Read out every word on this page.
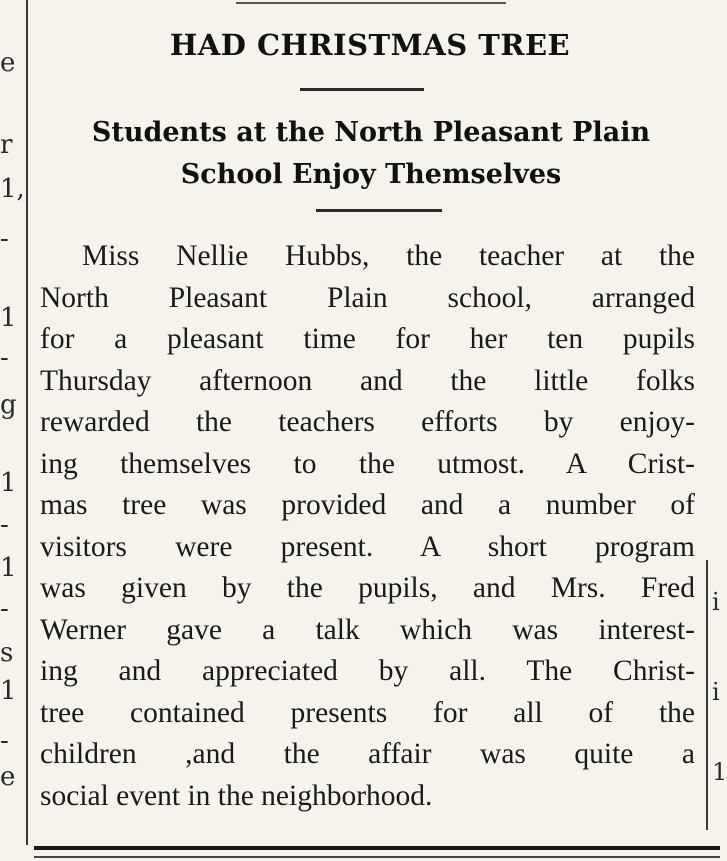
e
r
1,
-
1
-
g
1
-
1
-
s
1
-
e
i
i
1
HAD CHRISTMAS TREE
Students at the North Pleasant Plain
School Enjoy Themselves
Miss Nellie Hubbs, the teacher at the
North Pleasant Plain school, arranged
for a pleasant time for her ten pupils
Thursday afternoon and the little folks
rewarded the teachers efforts by enjoy-
ing themselves to the utmost. A Crist-
mas tree was provided and a number of
visitors were present. A short program
was given by the pupils, and Mrs. Fred
Werner gave a talk which was interest-
ing and appreciated by all. The Christ-
tree contained presents for all of the
children ,and the affair was quite a
social event in the neighborhood.
